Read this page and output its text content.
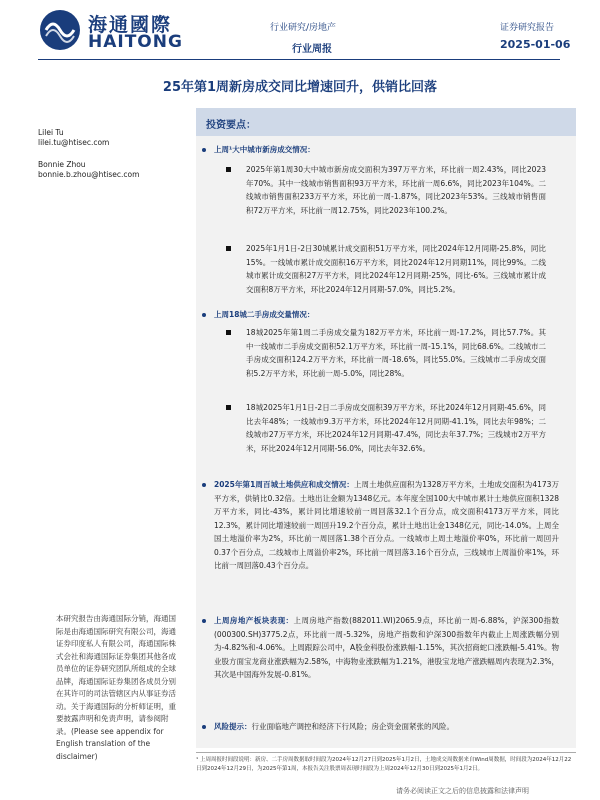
海通國際
HAITONG
行业研究/房地产
行业周报
证券研究报告
2025-01-06
25年第1周新房成交同比增速回升，供销比回落
Lilei Tu
lilei.tu@htisec.com
Bonnie Zhou
bonnie.b.zhou@htisec.com
本研究报告由海通国际分销，海通国际是由海通国际研究有限公司，海通证券印度私人有限公司，海通国际株式会社和海通国际证券集团其他各成员单位的证券研究团队所组成的全球品牌，海通国际证券集团各成员分别在其许可的司法管辖区内从事证券活动。关于海通国际的分析师证明，重要披露声明和免责声明，请参阅附录。(Please see appendix for English translation of the disclaimer)
投资要点：
上周¹大中城市新房成交情况：
2025年第1周30大中城市新房成交面积为397万平方米，环比前一周2.43%，同比2023年70%。其中一线城市销售面积93万平方米，环比前一周6.6%，同比2023年104%。二线城市销售面积233万平方米，环比前一周-1.87%，同比2023年53%。三线城市销售面积72万平方米，环比前一周12.75%，同比2023年100.2%。
2025年1月1日-2日30城累计成交面积51万平方米，同比2024年12月同期-25.8%，同比15%。一线城市累计成交面积16万平方米，同比2024年12月同期11%，同比99%。二线城市累计成交面积27万平方米，同比2024年12月同期-25%，同比-6%。三线城市累计成交面积8万平方米，环比2024年12月同期-57.0%，同比5.2%。
上周18城二手房成交量情况：
18城2025年第1周二手房成交量为182万平方米，环比前一周-17.2%，同比57.7%。其中一线城市二手房成交面积52.1万平方米，环比前一周-15.1%，同比68.6%。二线城市二手房成交面积124.2万平方米，环比前一周-18.6%，同比55.0%。三线城市二手房成交面积5.2万平方米，环比前一周-5.0%，同比28%。
18城2025年1月1日-2日二手房成交面积39万平方米，环比2024年12月同期-45.6%，同比去年48%；一线城市9.3万平方米，环比2024年12月同期-41.1%，同比去年98%；二线城市27万平方米，环比2024年12月同期-47.4%，同比去年37.7%；三线城市2万平方米，环比2024年12月同期-56.0%，同比去年32.6%。
2025年第1周百城土地供应和成交情况：上周土地供应面积为1328万平方米，土地成交面积为4173万平方米，供销比0.32倍。土地出让金额为1348亿元。本年度全国100大中城市累计土地供应面积1328万平方米，同比-43%，累计同比增速较前一周回落32.1个百分点，成交面积4173万平方米，同比12.3%，累计同比增速较前一周回升19.2个百分点，累计土地出让金1348亿元，同比-14.0%。上周全国土地溢价率为2%，环比前一周回落1.38个百分点。一线城市上周土地溢价率0%，环比前一周回升0.37个百分点，二线城市上周溢价率2%，环比前一周回落3.16个百分点，三线城市上周溢价率1%，环比前一周回落0.43个百分点。
上周房地产板块表现：上周房地产指数(882011.WI)2065.9点，环比前一周-6.88%，沪深300指数(000300.SH)3775.2点，环比前一周-5.32%，房地产指数和沪深300指数年内截止上周涨跌幅分别为-4.82%和-4.06%。上周跟踪公司中，A股金科股份涨跌幅-1.15%，其次招商蛇口涨跌幅-5.41%。物业股方面宝龙商业涨跌幅为2.58%，中海物业涨跌幅为1.21%，港股宝龙地产涨跌幅周内表现为2.3%，其次是中国海外发展-0.81%。
风险提示：行业面临地产调控和经济下行风险；房企资金面紧张的风险。
¹ 上周周报时间段说明：新房、二手房周数据取时间段为2024年12月27日到2025年1月2日，土地成交周数据来自Wind周数据，时间段为2024年12月22日到2024年12月29日，为2025年第1周，本报告关注股票周表现时间段为上周2024年12月30日到2025年1月2日。
请务必阅读正文之后的信息披露和法律声明
